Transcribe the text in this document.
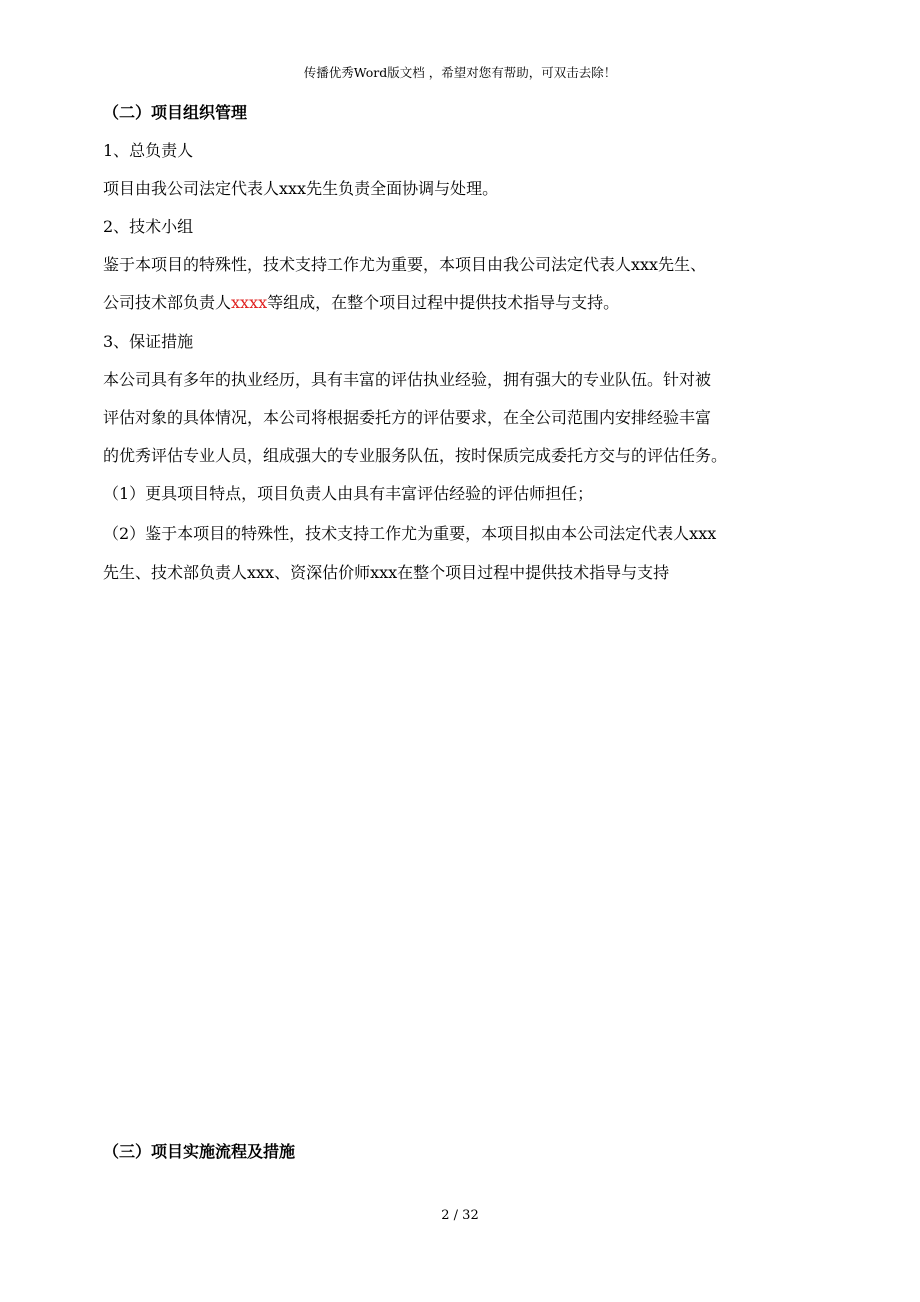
传播优秀Word版文档 ，希望对您有帮助，可双击去除！
（二）项目组织管理
1、总负责人
项目由我公司法定代表人xxx先生负责全面协调与处理。
2、技术小组
鉴于本项目的特殊性，技术支持工作尤为重要，本项目由我公司法定代表人xxx先生、
公司技术部负责人xxxx等组成，在整个项目过程中提供技术指导与支持。
3、保证措施
本公司具有多年的执业经历，具有丰富的评估执业经验，拥有强大的专业队伍。针对被
评估对象的具体情况，本公司将根据委托方的评估要求，在全公司范围内安排经验丰富
的优秀评估专业人员，组成强大的专业服务队伍，按时保质完成委托方交与的评估任务。
（1）更具项目特点，项目负责人由具有丰富评估经验的评估师担任；
（2）鉴于本项目的特殊性，技术支持工作尤为重要，本项目拟由本公司法定代表人xxx
先生、技术部负责人xxx、资深估价师xxx在整个项目过程中提供技术指导与支持
（三）项目实施流程及措施
2 / 32
